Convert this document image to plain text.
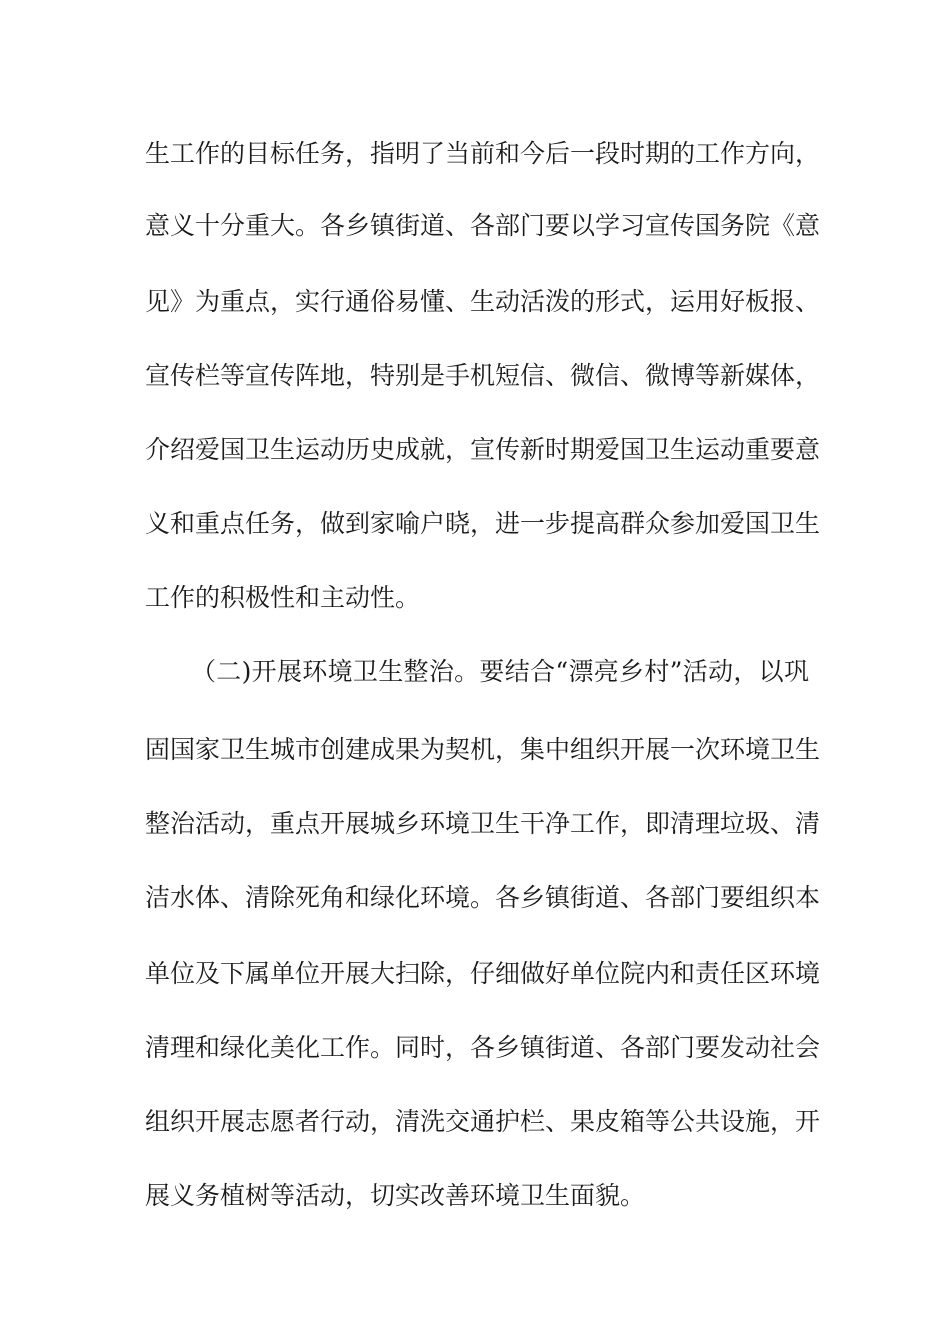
生工作的目标任务，指明了当前和今后一段时期的工作方向，
意义十分重大。各乡镇街道、各部门要以学习宣传国务院《意
见》为重点，实行通俗易懂、生动活泼的形式，运用好板报、
宣传栏等宣传阵地，特别是手机短信、微信、微博等新媒体，
介绍爱国卫生运动历史成就，宣传新时期爱国卫生运动重要意
义和重点任务，做到家喻户晓，进一步提高群众参加爱国卫生
工作的积极性和主动性。
（二)开展环境卫生整治。要结合“漂亮乡村”活动，以巩
固国家卫生城市创建成果为契机，集中组织开展一次环境卫生
整治活动，重点开展城乡环境卫生干净工作，即清理垃圾、清
洁水体、清除死角和绿化环境。各乡镇街道、各部门要组织本
单位及下属单位开展大扫除，仔细做好单位院内和责任区环境
清理和绿化美化工作。同时，各乡镇街道、各部门要发动社会
组织开展志愿者行动，清洗交通护栏、果皮箱等公共设施，开
展义务植树等活动，切实改善环境卫生面貌。
